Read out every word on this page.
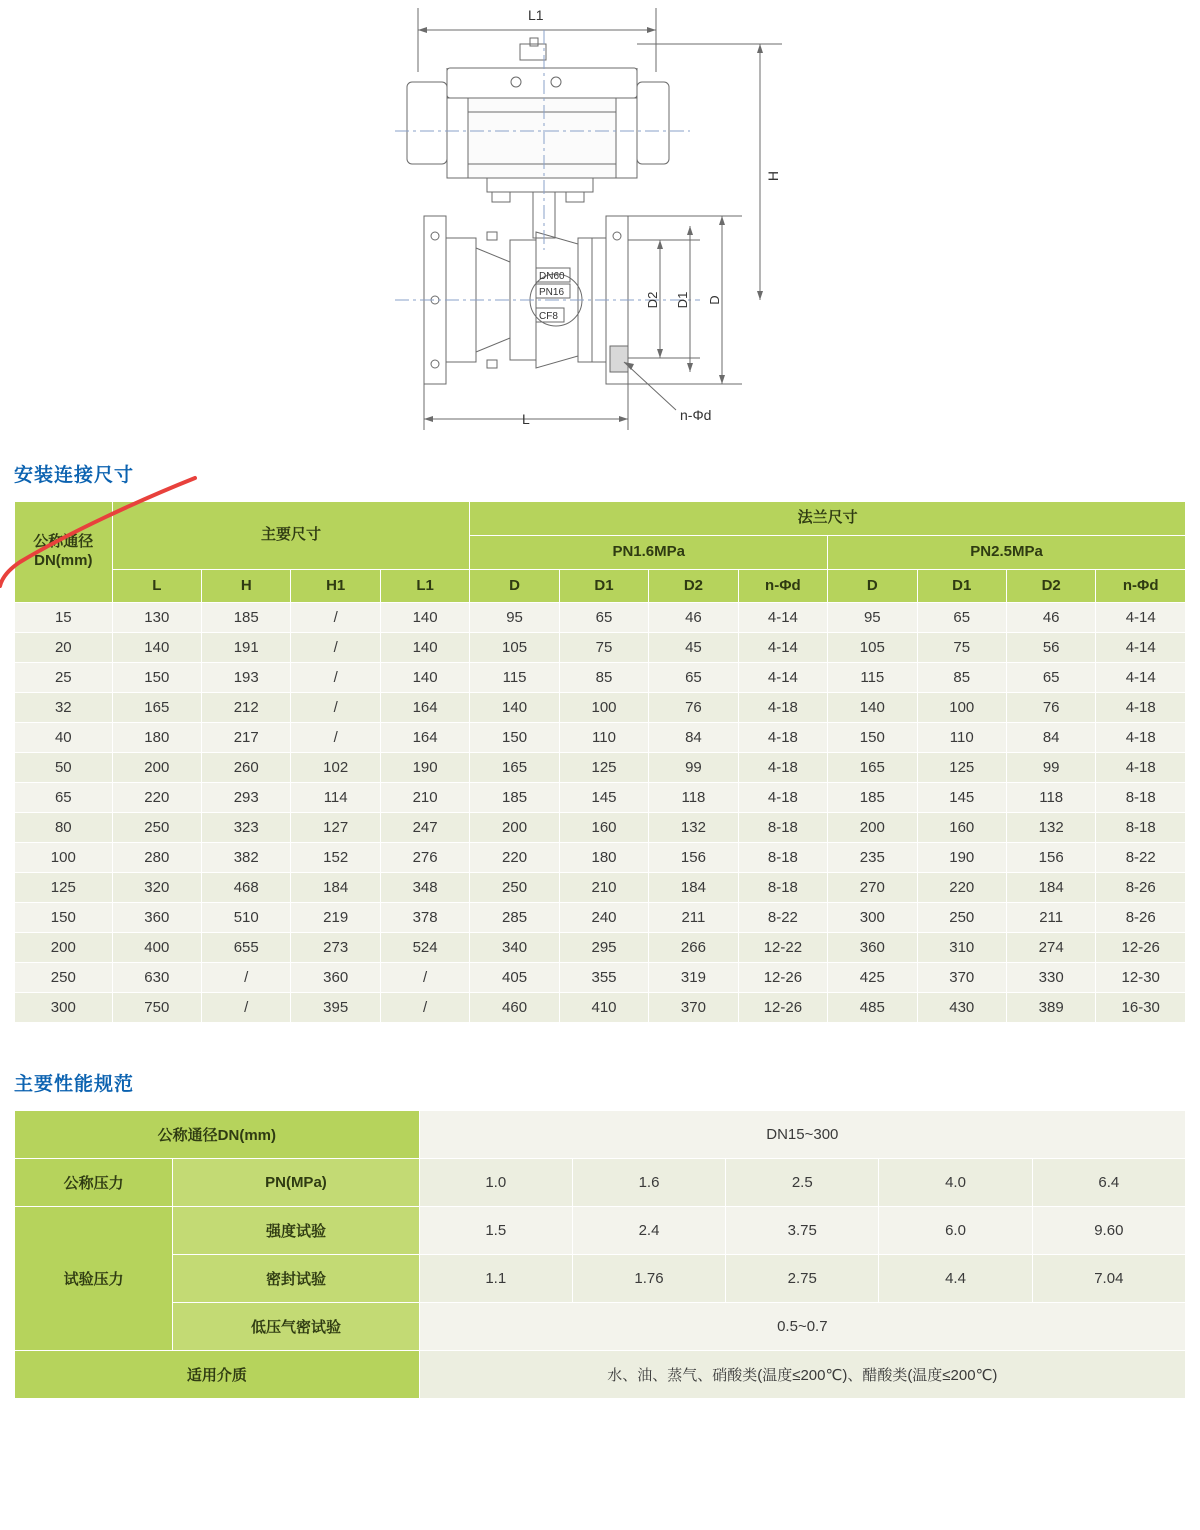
L1
L
H
D2 D1 D
n-Φd
DN60
PN16
CF8
安装连接尺寸
公称通径
DN(mm)	主要尺寸				法兰尺寸							
					PN1.6MPa				PN2.5MPa			
	L	H	H1	L1	D	D1	D2	n-Φd	D	D1	D2	n-Φd
15	130	185	/	140	95	65	46	4-14	95	65	46	4-14
20	140	191	/	140	105	75	45	4-14	105	75	56	4-14
25	150	193	/	140	115	85	65	4-14	115	85	65	4-14
32	165	212	/	164	140	100	76	4-18	140	100	76	4-18
40	180	217	/	164	150	110	84	4-18	150	110	84	4-18
50	200	260	102	190	165	125	99	4-18	165	125	99	4-18
65	220	293	114	210	185	145	118	4-18	185	145	118	8-18
80	250	323	127	247	200	160	132	8-18	200	160	132	8-18
100	280	382	152	276	220	180	156	8-18	235	190	156	8-22
125	320	468	184	348	250	210	184	8-18	270	220	184	8-26
150	360	510	219	378	285	240	211	8-22	300	250	211	8-26
200	400	655	273	524	340	295	266	12-22	360	310	274	12-26
250	630	/	360	/	405	355	319	12-26	425	370	330	12-30
300	750	/	395	/	460	410	370	12-26	485	430	389	16-30
主要性能规范
公称通径DN(mm)		DN15~300				
公称压力	PN(MPa)	1.0	1.6	2.5	4.0	6.4
试验压力	强度试验	1.5	2.4	3.75	6.0	9.60
	密封试验	1.1	1.76	2.75	4.4	7.04
	低压气密试验	0.5~0.7				
适用介质		水、油、蒸气、硝酸类(温度≤200℃)、醋酸类(温度≤200℃)				
